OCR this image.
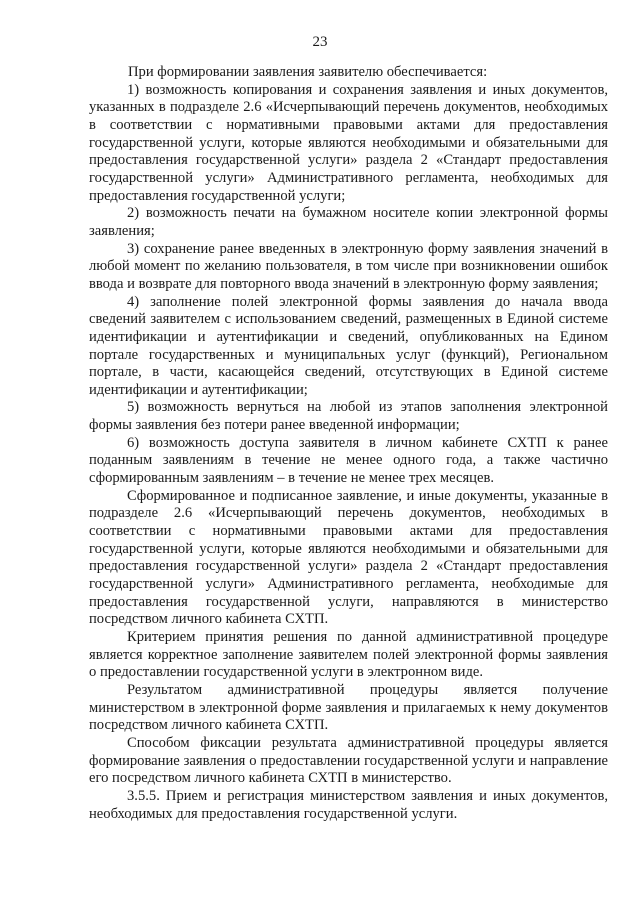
23

При формировании заявления заявителю обеспечивается:

1) возможность копирования и сохранения заявления и иных документов, указанных в подразделе 2.6 «Исчерпывающий перечень документов, необходимых в соответствии с нормативными правовыми актами для предоставления государственной услуги, которые являются необходимыми и обязательными для предоставления государственной услуги» раздела 2 «Стандарт предоставления государственной услуги» Административного регламента, необходимых для предоставления государственной услуги;

2) возможность печати на бумажном носителе копии электронной формы заявления;

3) сохранение ранее введенных в электронную форму заявления значений в любой момент по желанию пользователя, в том числе при возникновении ошибок ввода и возврате для повторного ввода значений в электронную форму заявления;

4) заполнение полей электронной формы заявления до начала ввода сведений заявителем с использованием сведений, размещенных в Единой системе идентификации и аутентификации и сведений, опубликованных на Едином портале государственных и муниципальных услуг (функций), Региональном портале, в части, касающейся сведений, отсутствующих в Единой системе идентификации и аутентификации;

5) возможность вернуться на любой из этапов заполнения электронной формы заявления без потери ранее введенной информации;

6) возможность доступа заявителя в личном кабинете СХТП к ранее поданным заявлениям в течение не менее одного года, а также частично сформированным заявлениям – в течение не менее трех месяцев.

Сформированное и подписанное заявление, и иные документы, указанные в подразделе 2.6 «Исчерпывающий перечень документов, необходимых в соответствии с нормативными правовыми актами для предоставления государственной услуги, которые являются необходимыми и обязательными для предоставления государственной услуги» раздела 2 «Стандарт предоставления государственной услуги» Административного регламента, необходимые для предоставления государственной услуги, направляются в министерство посредством личного кабинета СХТП.

Критерием принятия решения по данной административной процедуре является корректное заполнение заявителем полей электронной формы заявления о предоставлении государственной услуги в электронном виде.

Результатом административной процедуры является получение министерством в электронной форме заявления и прилагаемых к нему документов посредством личного кабинета СХТП.

Способом фиксации результата административной процедуры является формирование заявления о предоставлении государственной услуги и направление его посредством личного кабинета СХТП в министерство.

3.5.5. Прием и регистрация министерством заявления и иных документов, необходимых для предоставления государственной услуги.
